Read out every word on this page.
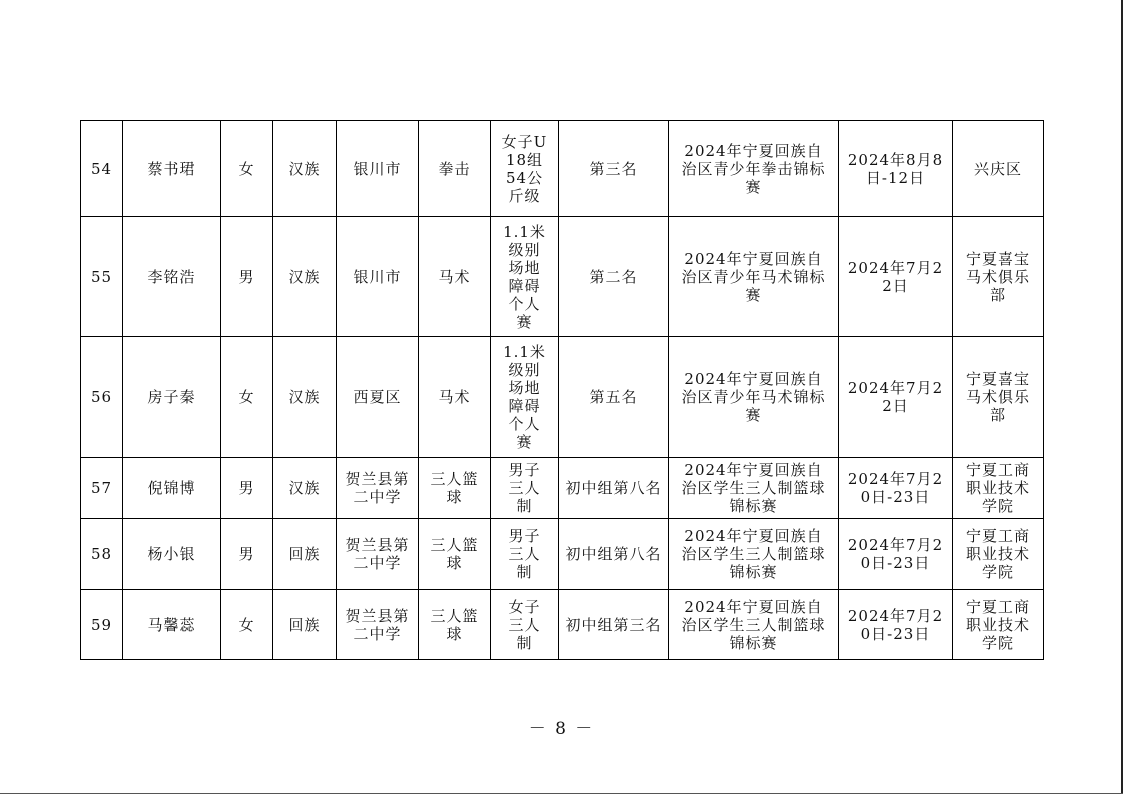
54	蔡书珺	女	汉族	银川市	拳击	女子U18组54公斤级	第三名	2024年宁夏回族自治区青少年拳击锦标赛	2024年8月8日-12日	兴庆区
55	李铭浩	男	汉族	银川市	马术	1.1米级别场地障碍个人赛	第二名	2024年宁夏回族自治区青少年马术锦标赛	2024年7月22日	宁夏喜宝马术俱乐部
56	房子秦	女	汉族	西夏区	马术	1.1米级别场地障碍个人赛	第五名	2024年宁夏回族自治区青少年马术锦标赛	2024年7月22日	宁夏喜宝马术俱乐部
57	倪锦博	男	汉族	贺兰县第二中学	三人篮球	男子三人制	初中组第八名	2024年宁夏回族自治区学生三人制篮球锦标赛	2024年7月20日-23日	宁夏工商职业技术学院
58	杨小银	男	回族	贺兰县第二中学	三人篮球	男子三人制	初中组第八名	2024年宁夏回族自治区学生三人制篮球锦标赛	2024年7月20日-23日	宁夏工商职业技术学院
59	马馨蕊	女	回族	贺兰县第二中学	三人篮球	女子三人制	初中组第三名	2024年宁夏回族自治区学生三人制篮球锦标赛	2024年7月20日-23日	宁夏工商职业技术学院
－ 8 －
